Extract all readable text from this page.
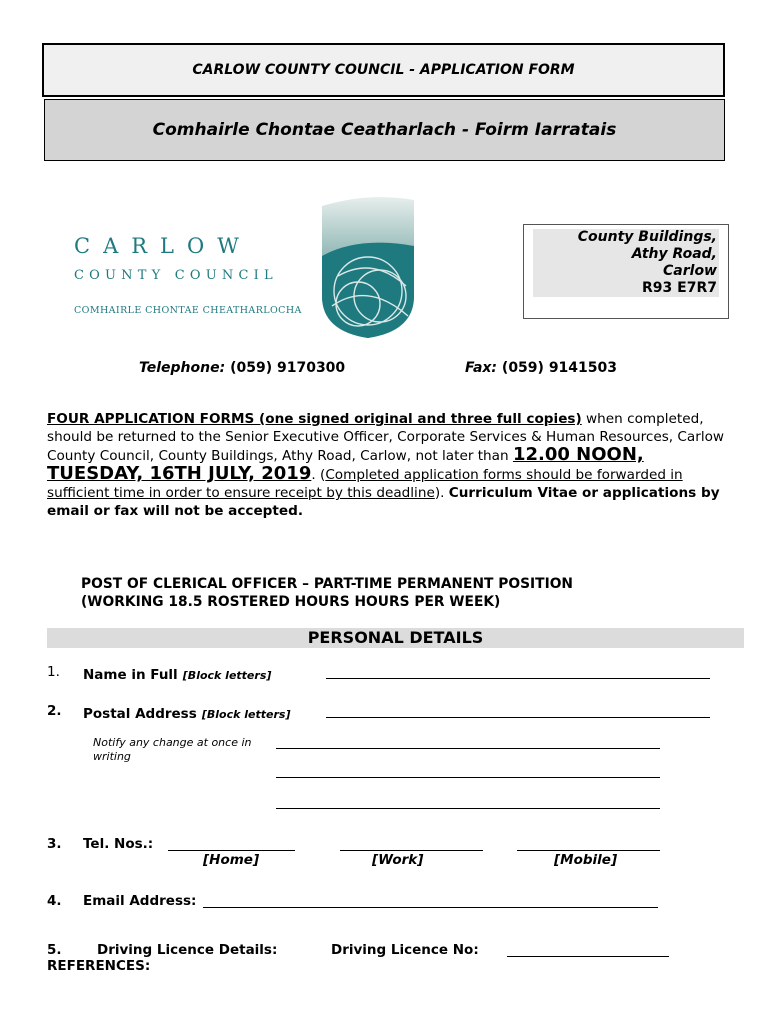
CARLOW COUNTY COUNCIL - APPLICATION FORM
Comhairle Chontae Ceatharlach - Foirm Iarratais
CARLOW
COUNTY COUNCIL
COMHAIRLE CHONTAE CHEATHARLOCHA
County Buildings,
Athy Road,
Carlow
R93 E7R7
Telephone: (059) 9170300	Fax: (059) 9141503
FOUR APPLICATION FORMS (one signed original and three full copies) when completed, should be returned to the Senior Executive Officer, Corporate Services & Human Resources, Carlow County Council, County Buildings, Athy Road, Carlow, not later than 12.00 NOON, TUESDAY, 16TH JULY, 2019. (Completed application forms should be forwarded in sufficient time in order to ensure receipt by this deadline). Curriculum Vitae or applications by email or fax will not be accepted.
POST OF CLERICAL OFFICER – PART-TIME PERMANENT POSITION
(WORKING 18.5 ROSTERED HOURS HOURS PER WEEK)
PERSONAL DETAILS
1. Name in Full [Block letters]
2. Postal Address [Block letters]
Notify any change at once in writing
3. Tel. Nos.:
[Home]	[Work]	[Mobile]
4. Email Address:
5.	Driving Licence Details:	Driving Licence No:
REFERENCES:
